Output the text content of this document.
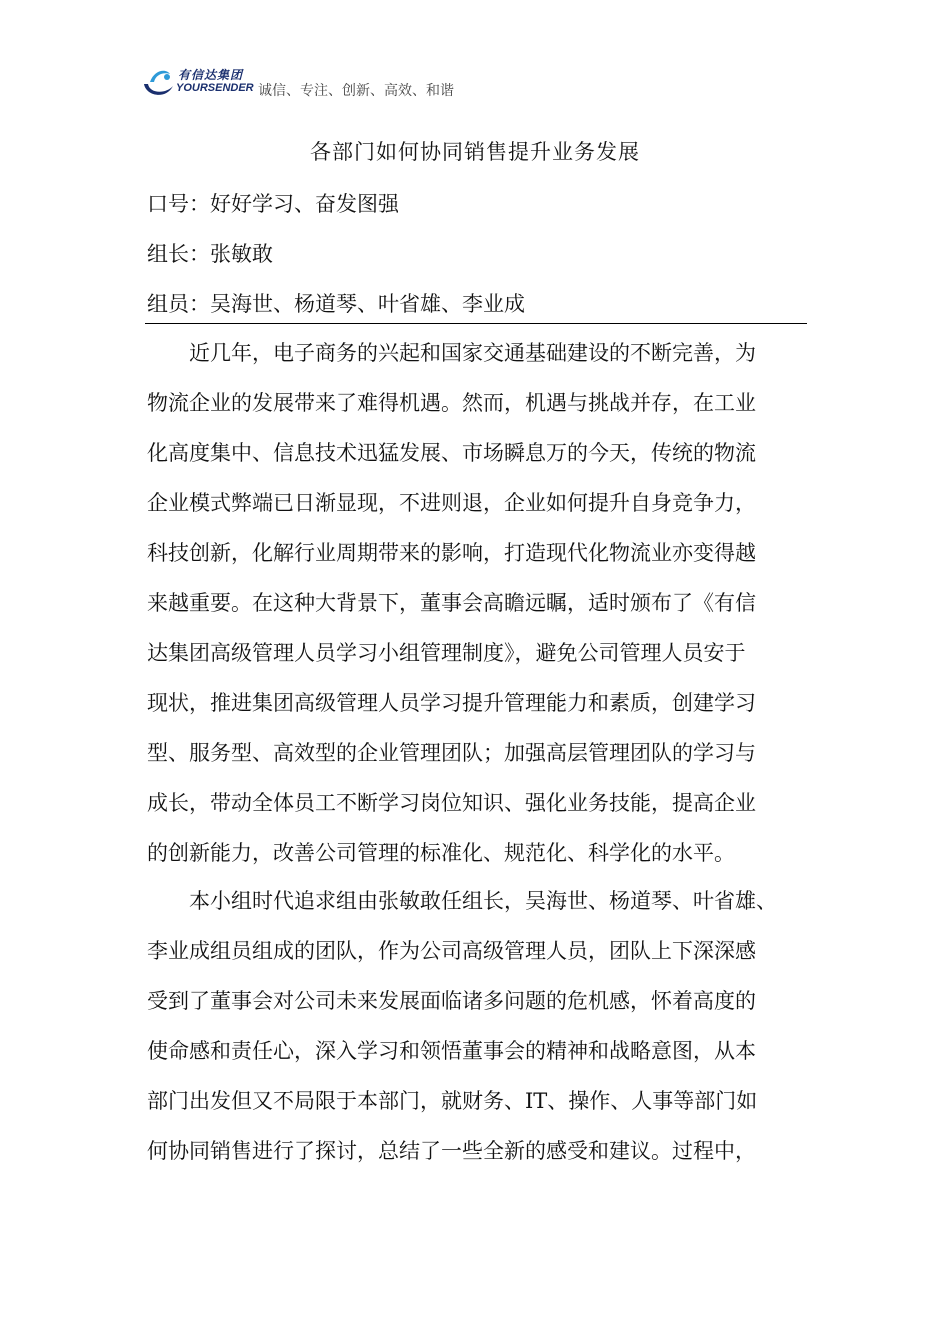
有信达集团
YOURSENDER 诚信、专注、创新、高效、和谐
各部门如何协同销售提升业务发展
口号：好好学习、奋发图强
组长：张敏敢
组员：吴海世、杨道琴、叶省雄、李业成
　　近几年，电子商务的兴起和国家交通基础建设的不断完善，为
物流企业的发展带来了难得机遇。然而，机遇与挑战并存，在工业
化高度集中、信息技术迅猛发展、市场瞬息万的今天，传统的物流
企业模式弊端已日渐显现，不进则退，企业如何提升自身竞争力，
科技创新，化解行业周期带来的影响，打造现代化物流业亦变得越
来越重要。在这种大背景下，董事会高瞻远瞩，适时颁布了《有信
达集团高级管理人员学习小组管理制度》，避免公司管理人员安于
现状，推进集团高级管理人员学习提升管理能力和素质，创建学习
型、服务型、高效型的企业管理团队；加强高层管理团队的学习与
成长，带动全体员工不断学习岗位知识、强化业务技能，提高企业
的创新能力，改善公司管理的标准化、规范化、科学化的水平。
　　本小组时代追求组由张敏敢任组长，吴海世、杨道琴、叶省雄、
李业成组员组成的团队，作为公司高级管理人员，团队上下深深感
受到了董事会对公司未来发展面临诸多问题的危机感，怀着高度的
使命感和责任心，深入学习和领悟董事会的精神和战略意图，从本
部门出发但又不局限于本部门，就财务、IT、操作、人事等部门如
何协同销售进行了探讨，总结了一些全新的感受和建议。过程中，
